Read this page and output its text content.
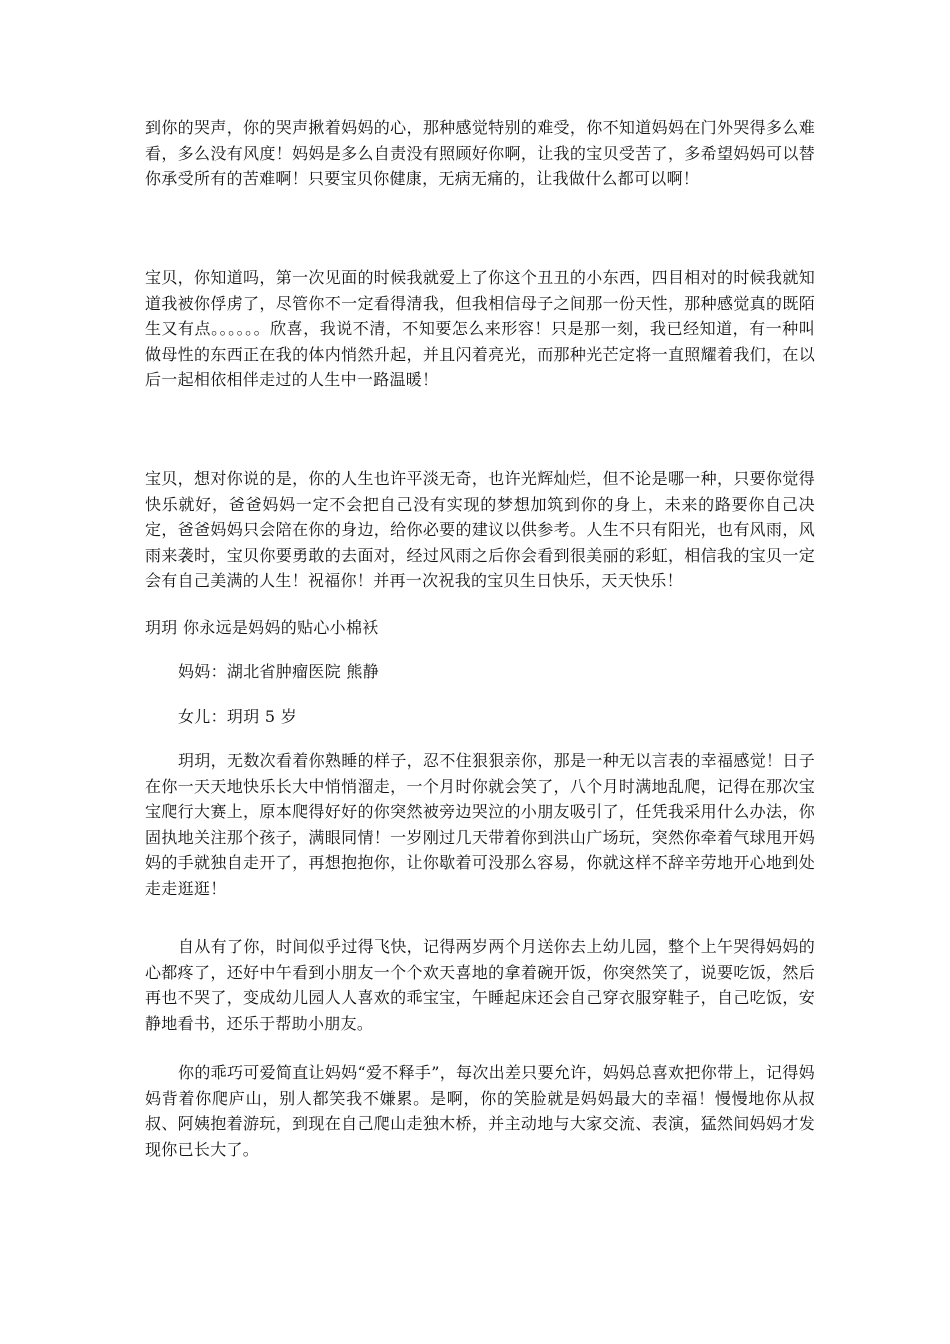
到你的哭声，你的哭声揪着妈妈的心，那种感觉特别的难受，你不知道妈妈在门外哭得多么难看，多么没有风度！妈妈是多么自责没有照顾好你啊，让我的宝贝受苦了，多希望妈妈可以替你承受所有的苦难啊！只要宝贝你健康，无病无痛的，让我做什么都可以啊！

宝贝，你知道吗，第一次见面的时候我就爱上了你这个丑丑的小东西，四目相对的时候我就知道我被你俘虏了，尽管你不一定看得清我，但我相信母子之间那一份天性，那种感觉真的既陌生又有点。。。。。。欣喜，我说不清，不知要怎么来形容！只是那一刻，我已经知道，有一种叫做母性的东西正在我的体内悄然升起，并且闪着亮光，而那种光芒定将一直照耀着我们，在以后一起相依相伴走过的人生中一路温暖！

宝贝，想对你说的是，你的人生也许平淡无奇，也许光辉灿烂，但不论是哪一种，只要你觉得快乐就好，爸爸妈妈一定不会把自己没有实现的梦想加筑到你的身上，未来的路要你自己决定，爸爸妈妈只会陪在你的身边，给你必要的建议以供参考。人生不只有阳光，也有风雨，风雨来袭时，宝贝你要勇敢的去面对，经过风雨之后你会看到很美丽的彩虹，相信我的宝贝一定会有自己美满的人生！祝福你！并再一次祝我的宝贝生日快乐，天天快乐！

玥玥 你永远是妈妈的贴心小棉袄

妈妈：湖北省肿瘤医院 熊静

女儿：玥玥 5 岁

玥玥，无数次看着你熟睡的样子，忍不住狠狠亲你，那是一种无以言表的幸福感觉！日子在你一天天地快乐长大中悄悄溜走，一个月时你就会笑了，八个月时满地乱爬，记得在那次宝宝爬行大赛上，原本爬得好好的你突然被旁边哭泣的小朋友吸引了，任凭我采用什么办法，你固执地关注那个孩子，满眼同情！一岁刚过几天带着你到洪山广场玩，突然你牵着气球甩开妈妈的手就独自走开了，再想抱抱你，让你歇着可没那么容易，你就这样不辞辛劳地开心地到处走走逛逛！

自从有了你，时间似乎过得飞快，记得两岁两个月送你去上幼儿园，整个上午哭得妈妈的心都疼了，还好中午看到小朋友一个个欢天喜地的拿着碗开饭，你突然笑了，说要吃饭，然后再也不哭了，变成幼儿园人人喜欢的乖宝宝，午睡起床还会自己穿衣服穿鞋子，自己吃饭，安静地看书，还乐于帮助小朋友。

你的乖巧可爱简直让妈妈“爱不释手”，每次出差只要允许，妈妈总喜欢把你带上，记得妈妈背着你爬庐山，别人都笑我不嫌累。是啊，你的笑脸就是妈妈最大的幸福！慢慢地你从叔叔、阿姨抱着游玩，到现在自己爬山走独木桥，并主动地与大家交流、表演，猛然间妈妈才发现你已长大了。
